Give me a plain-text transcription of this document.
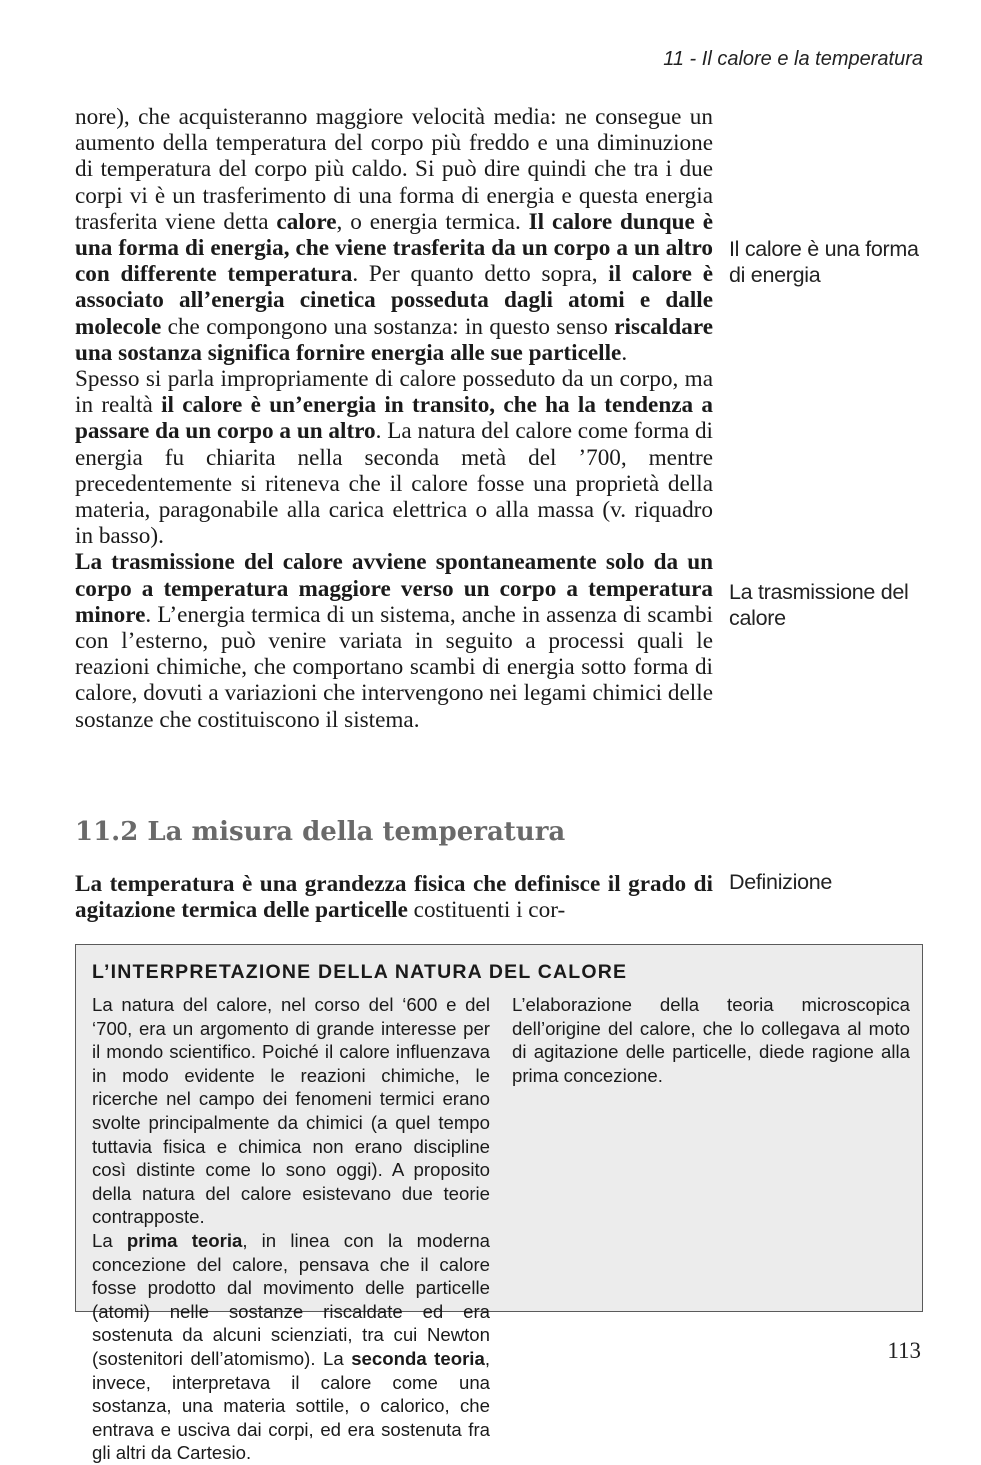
11 - Il calore e la temperatura

nore), che acquisteranno maggiore velocità media: ne consegue un aumento della temperatura del corpo più freddo e una diminuzione di temperatura del corpo più caldo. Si può dire quindi che tra i due corpi vi è un trasferimento di una forma di energia e questa energia trasferita viene detta calore, o energia termica. Il calore dunque è una forma di energia, che viene trasferita da un corpo a un altro con differente temperatura. Per quanto detto sopra, il calore è associato all’energia cinetica posseduta dagli atomi e dalle molecole che compongono una sostanza: in questo senso riscaldare una sostanza significa fornire energia alle sue particelle.

Spesso si parla impropriamente di calore posseduto da un corpo, ma in realtà il calore è un’energia in transito, che ha la tendenza a passare da un corpo a un altro. La natura del calore come forma di energia fu chiarita nella seconda metà del ’700, mentre precedentemente si riteneva che il calore fosse una proprietà della materia, paragonabile alla carica elettrica o alla massa (v. riquadro in basso).

La trasmissione del calore avviene spontaneamente solo da un corpo a temperatura maggiore verso un corpo a temperatura minore. L’energia termica di un sistema, anche in assenza di scambi con l’esterno, può venire variata in seguito a processi quali le reazioni chimiche, che comportano scambi di energia sotto forma di calore, dovuti a variazioni che intervengono nei legami chimici delle sostanze che costituiscono il sistema.

Il calore è una forma di energia
La trasmissione del calore
Definizione
11.2 La misura della temperatura

La temperatura è una grandezza fisica che definisce il grado di agitazione termica delle particelle costituenti i cor-

L’INTERPRETAZIONE DELLA NATURA DEL CALORE

La natura del calore, nel corso del ‘600 e del ‘700, era un argomento di grande interesse per il mondo scientifico. Poiché il calore influenzava in modo evidente le reazioni chimiche, le ricerche nel campo dei fenomeni termici erano svolte principalmente da chimici (a quel tempo tuttavia fisica e chimica non erano discipline così distinte come lo sono oggi). A proposito della natura del calore esistevano due teorie contrapposte.

La prima teoria, in linea con la moderna concezione del calore, pensava che il calore fosse prodotto dal movimento delle particelle (atomi) nelle sostanze riscaldate ed era sostenuta da alcuni scienziati, tra cui Newton (sostenitori dell’atomismo). La seconda teoria, invece, interpretava il calore come una sostanza, una materia sottile, o calorico, che entrava e usciva dai corpi, ed era sostenuta fra gli altri da Cartesio.

L’elaborazione della teoria microscopica dell’origine del calore, che lo collegava al moto di agitazione delle particelle, diede ragione alla prima concezione.

113
